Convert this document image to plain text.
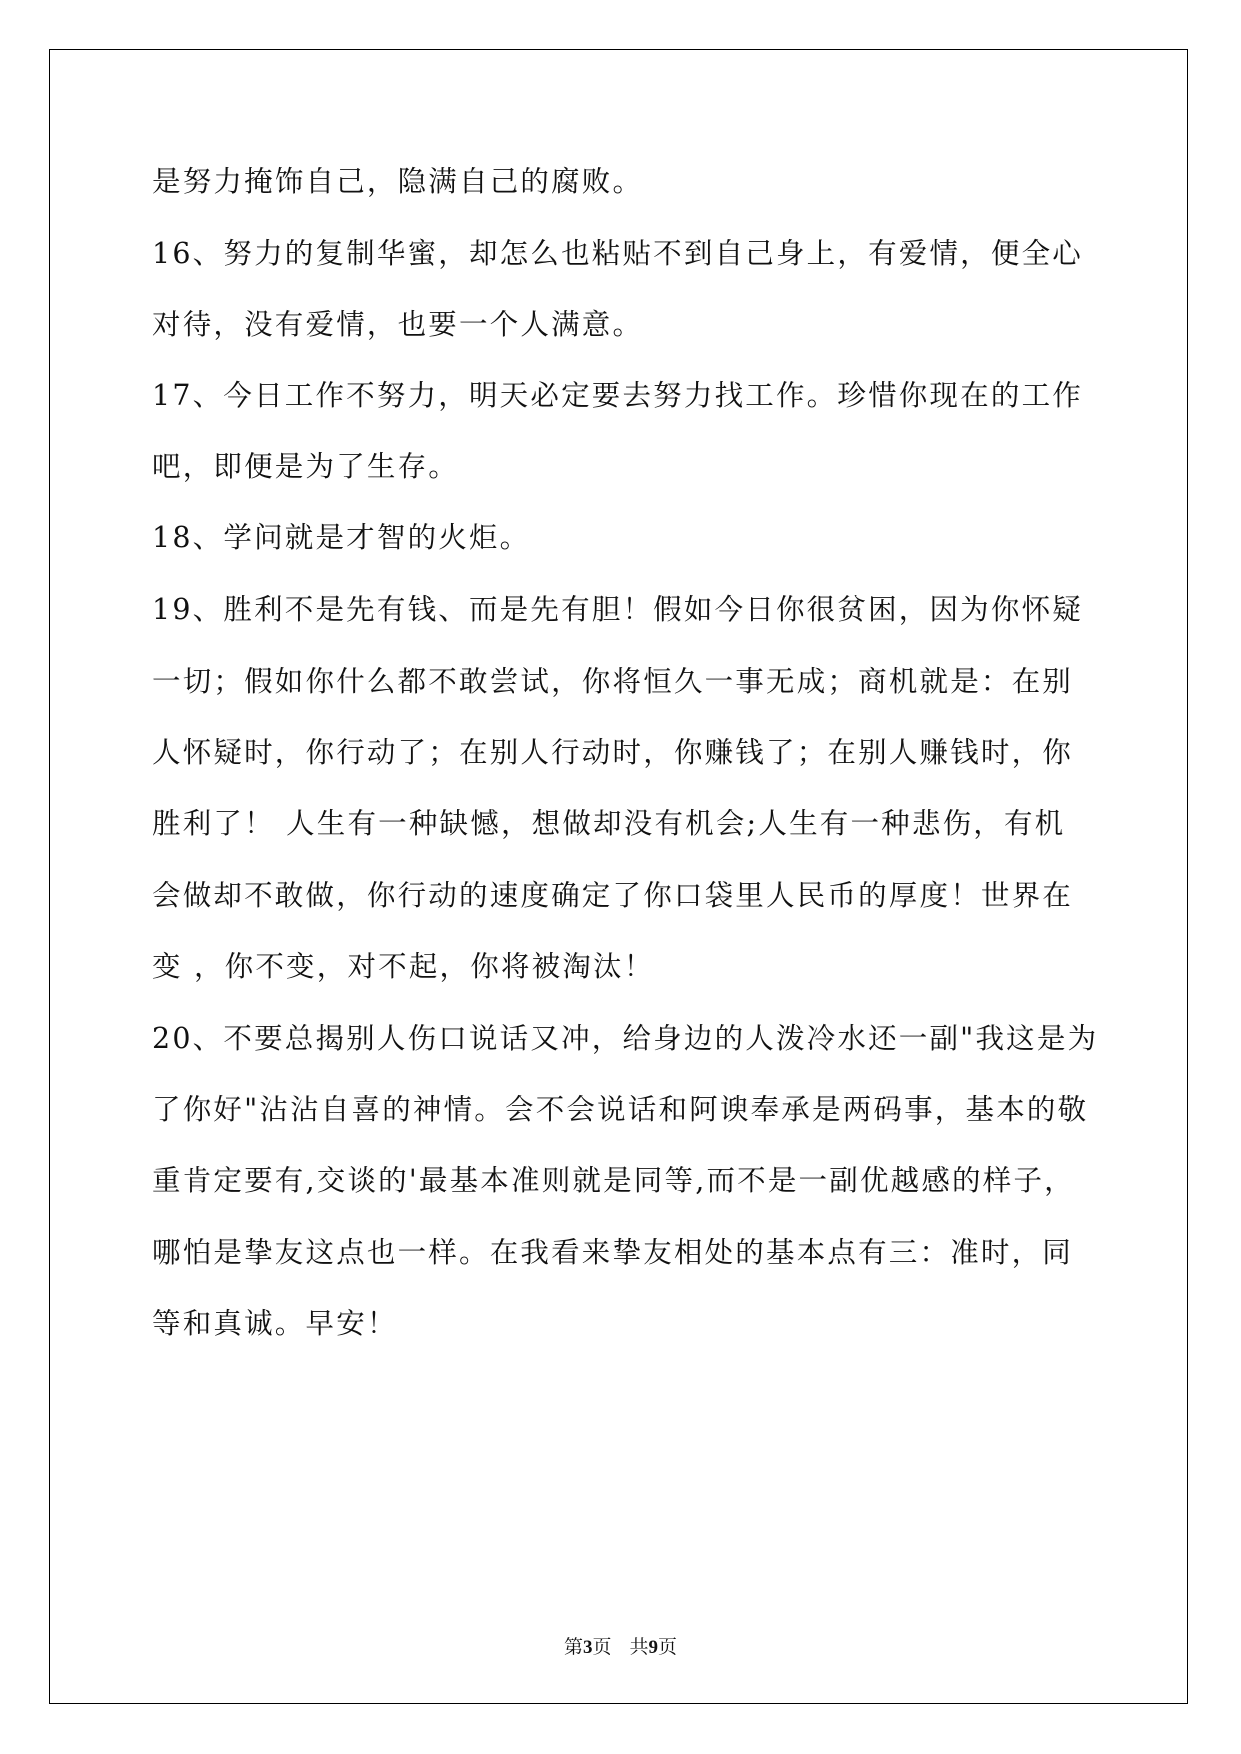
是努力掩饰自己，隐满自己的腐败。
16、努力的复制华蜜，却怎么也粘贴不到自己身上，有爱情，便全心
对待，没有爱情，也要一个人满意。
17、今日工作不努力，明天必定要去努力找工作。珍惜你现在的工作
吧，即便是为了生存。
18、学问就是才智的火炬。
19、胜利不是先有钱、而是先有胆！假如今日你很贫困，因为你怀疑
一切；假如你什么都不敢尝试，你将恒久一事无成；商机就是：在别
人怀疑时，你行动了；在别人行动时，你赚钱了；在别人赚钱时，你
胜利了！ 人生有一种缺憾，想做却没有机会;人生有一种悲伤，有机
会做却不敢做，你行动的速度确定了你口袋里人民币的厚度！世界在
变 ，你不变，对不起，你将被淘汰！
20、不要总揭别人伤口说话又冲，给身边的人泼冷水还一副"我这是为
了你好"沾沾自喜的神情。会不会说话和阿谀奉承是两码事，基本的敬
重肯定要有,交谈的'最基本准则就是同等,而不是一副优越感的样子，
哪怕是挚友这点也一样。在我看来挚友相处的基本点有三：准时，同
等和真诚。早安！
第3页 共9页
